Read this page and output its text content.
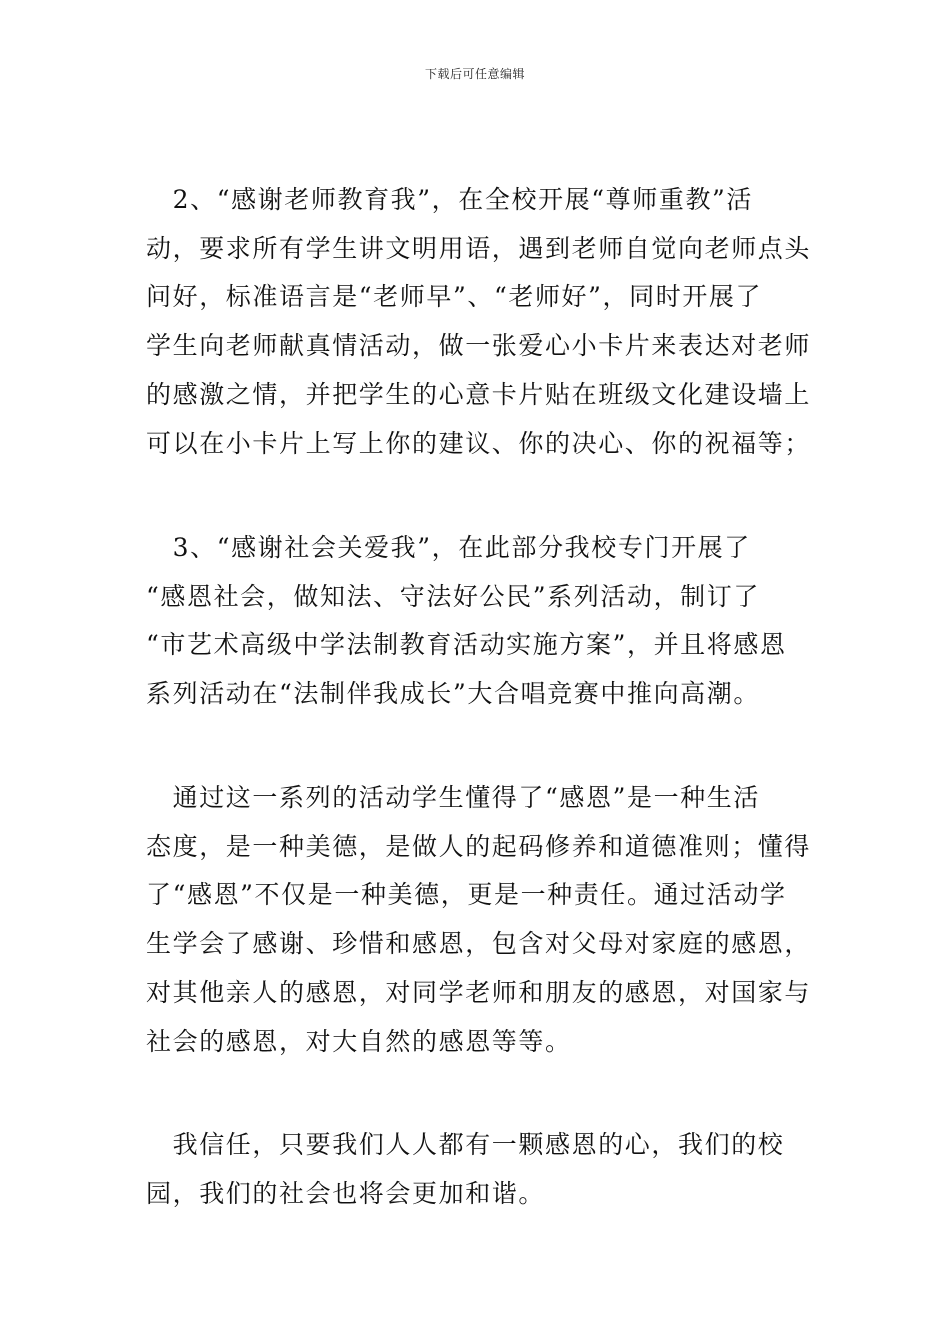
下载后可任意编辑

　2、“感谢老师教育我”，在全校开展“尊师重教”活
动，要求所有学生讲文明用语，遇到老师自觉向老师点头
问好，标准语言是“老师早”、“老师好”，同时开展了
学生向老师献真情活动，做一张爱心小卡片来表达对老师
的感激之情，并把学生的心意卡片贴在班级文化建设墙上
可以在小卡片上写上你的建议、你的决心、你的祝福等；

　3、“感谢社会关爱我”，在此部分我校专门开展了
“感恩社会，做知法、守法好公民”系列活动，制订了
“市艺术高级中学法制教育活动实施方案”，并且将感恩
系列活动在“法制伴我成长”大合唱竞赛中推向高潮。

　通过这一系列的活动学生懂得了“感恩”是一种生活
态度，是一种美德，是做人的起码修养和道德准则；懂得
了“感恩”不仅是一种美德，更是一种责任。通过活动学
生学会了感谢、珍惜和感恩，包含对父母对家庭的感恩，
对其他亲人的感恩，对同学老师和朋友的感恩，对国家与
社会的感恩，对大自然的感恩等等。

　我信任，只要我们人人都有一颗感恩的心，我们的校
园，我们的社会也将会更加和谐。
